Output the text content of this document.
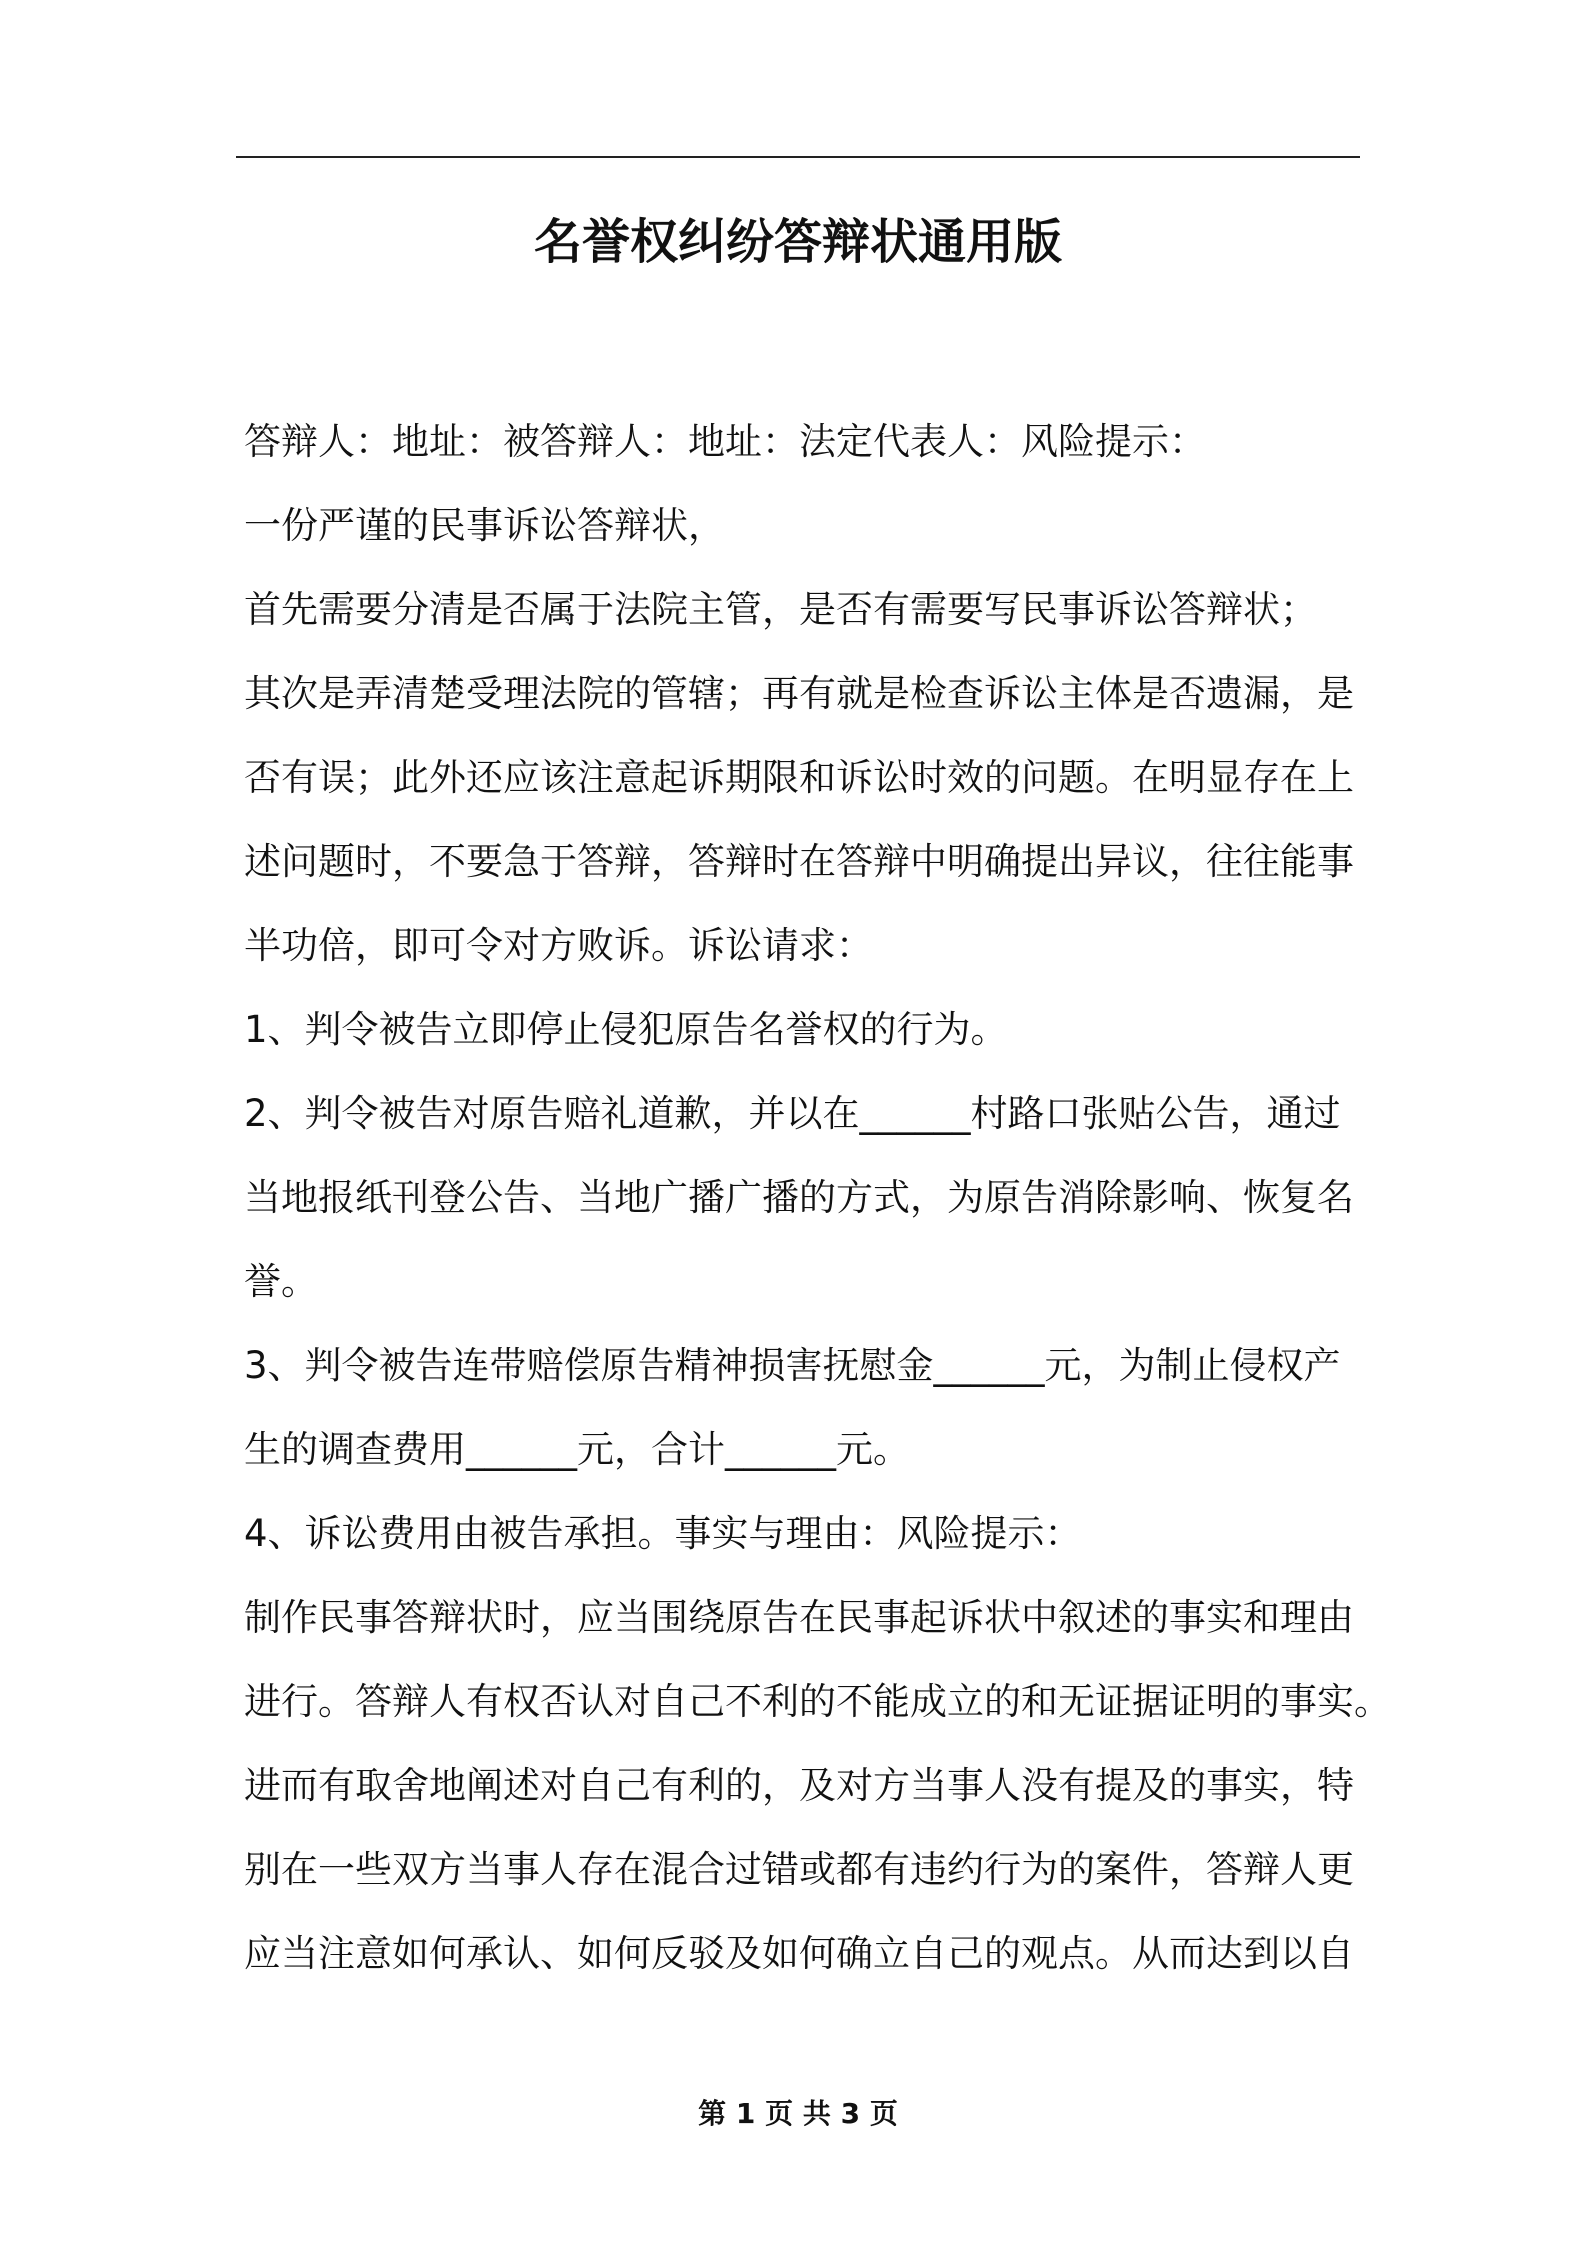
名誉权纠纷答辩状通用版
答辩人：地址：被答辩人：地址：法定代表人：风险提示：
一份严谨的民事诉讼答辩状，
首先需要分清是否属于法院主管，是否有需要写民事诉讼答辩状；
其次是弄清楚受理法院的管辖；再有就是检查诉讼主体是否遗漏，是
否有误；此外还应该注意起诉期限和诉讼时效的问题。在明显存在上
述问题时，不要急于答辩，答辩时在答辩中明确提出异议，往往能事
半功倍，即可令对方败诉。诉讼请求：
1、判令被告立即停止侵犯原告名誉权的行为。
2、判令被告对原告赔礼道歉，并以在______村路口张贴公告，通过
当地报纸刊登公告、当地广播广播的方式，为原告消除影响、恢复名
誉。
3、判令被告连带赔偿原告精神损害抚慰金______元，为制止侵权产
生的调查费用______元，合计______元。
4、诉讼费用由被告承担。事实与理由：风险提示：
制作民事答辩状时，应当围绕原告在民事起诉状中叙述的事实和理由
进行。答辩人有权否认对自己不利的不能成立的和无证据证明的事实。
进而有取舍地阐述对自己有利的，及对方当事人没有提及的事实，特
别在一些双方当事人存在混合过错或都有违约行为的案件，答辩人更
应当注意如何承认、如何反驳及如何确立自己的观点。从而达到以自
第 1 页 共 3 页
